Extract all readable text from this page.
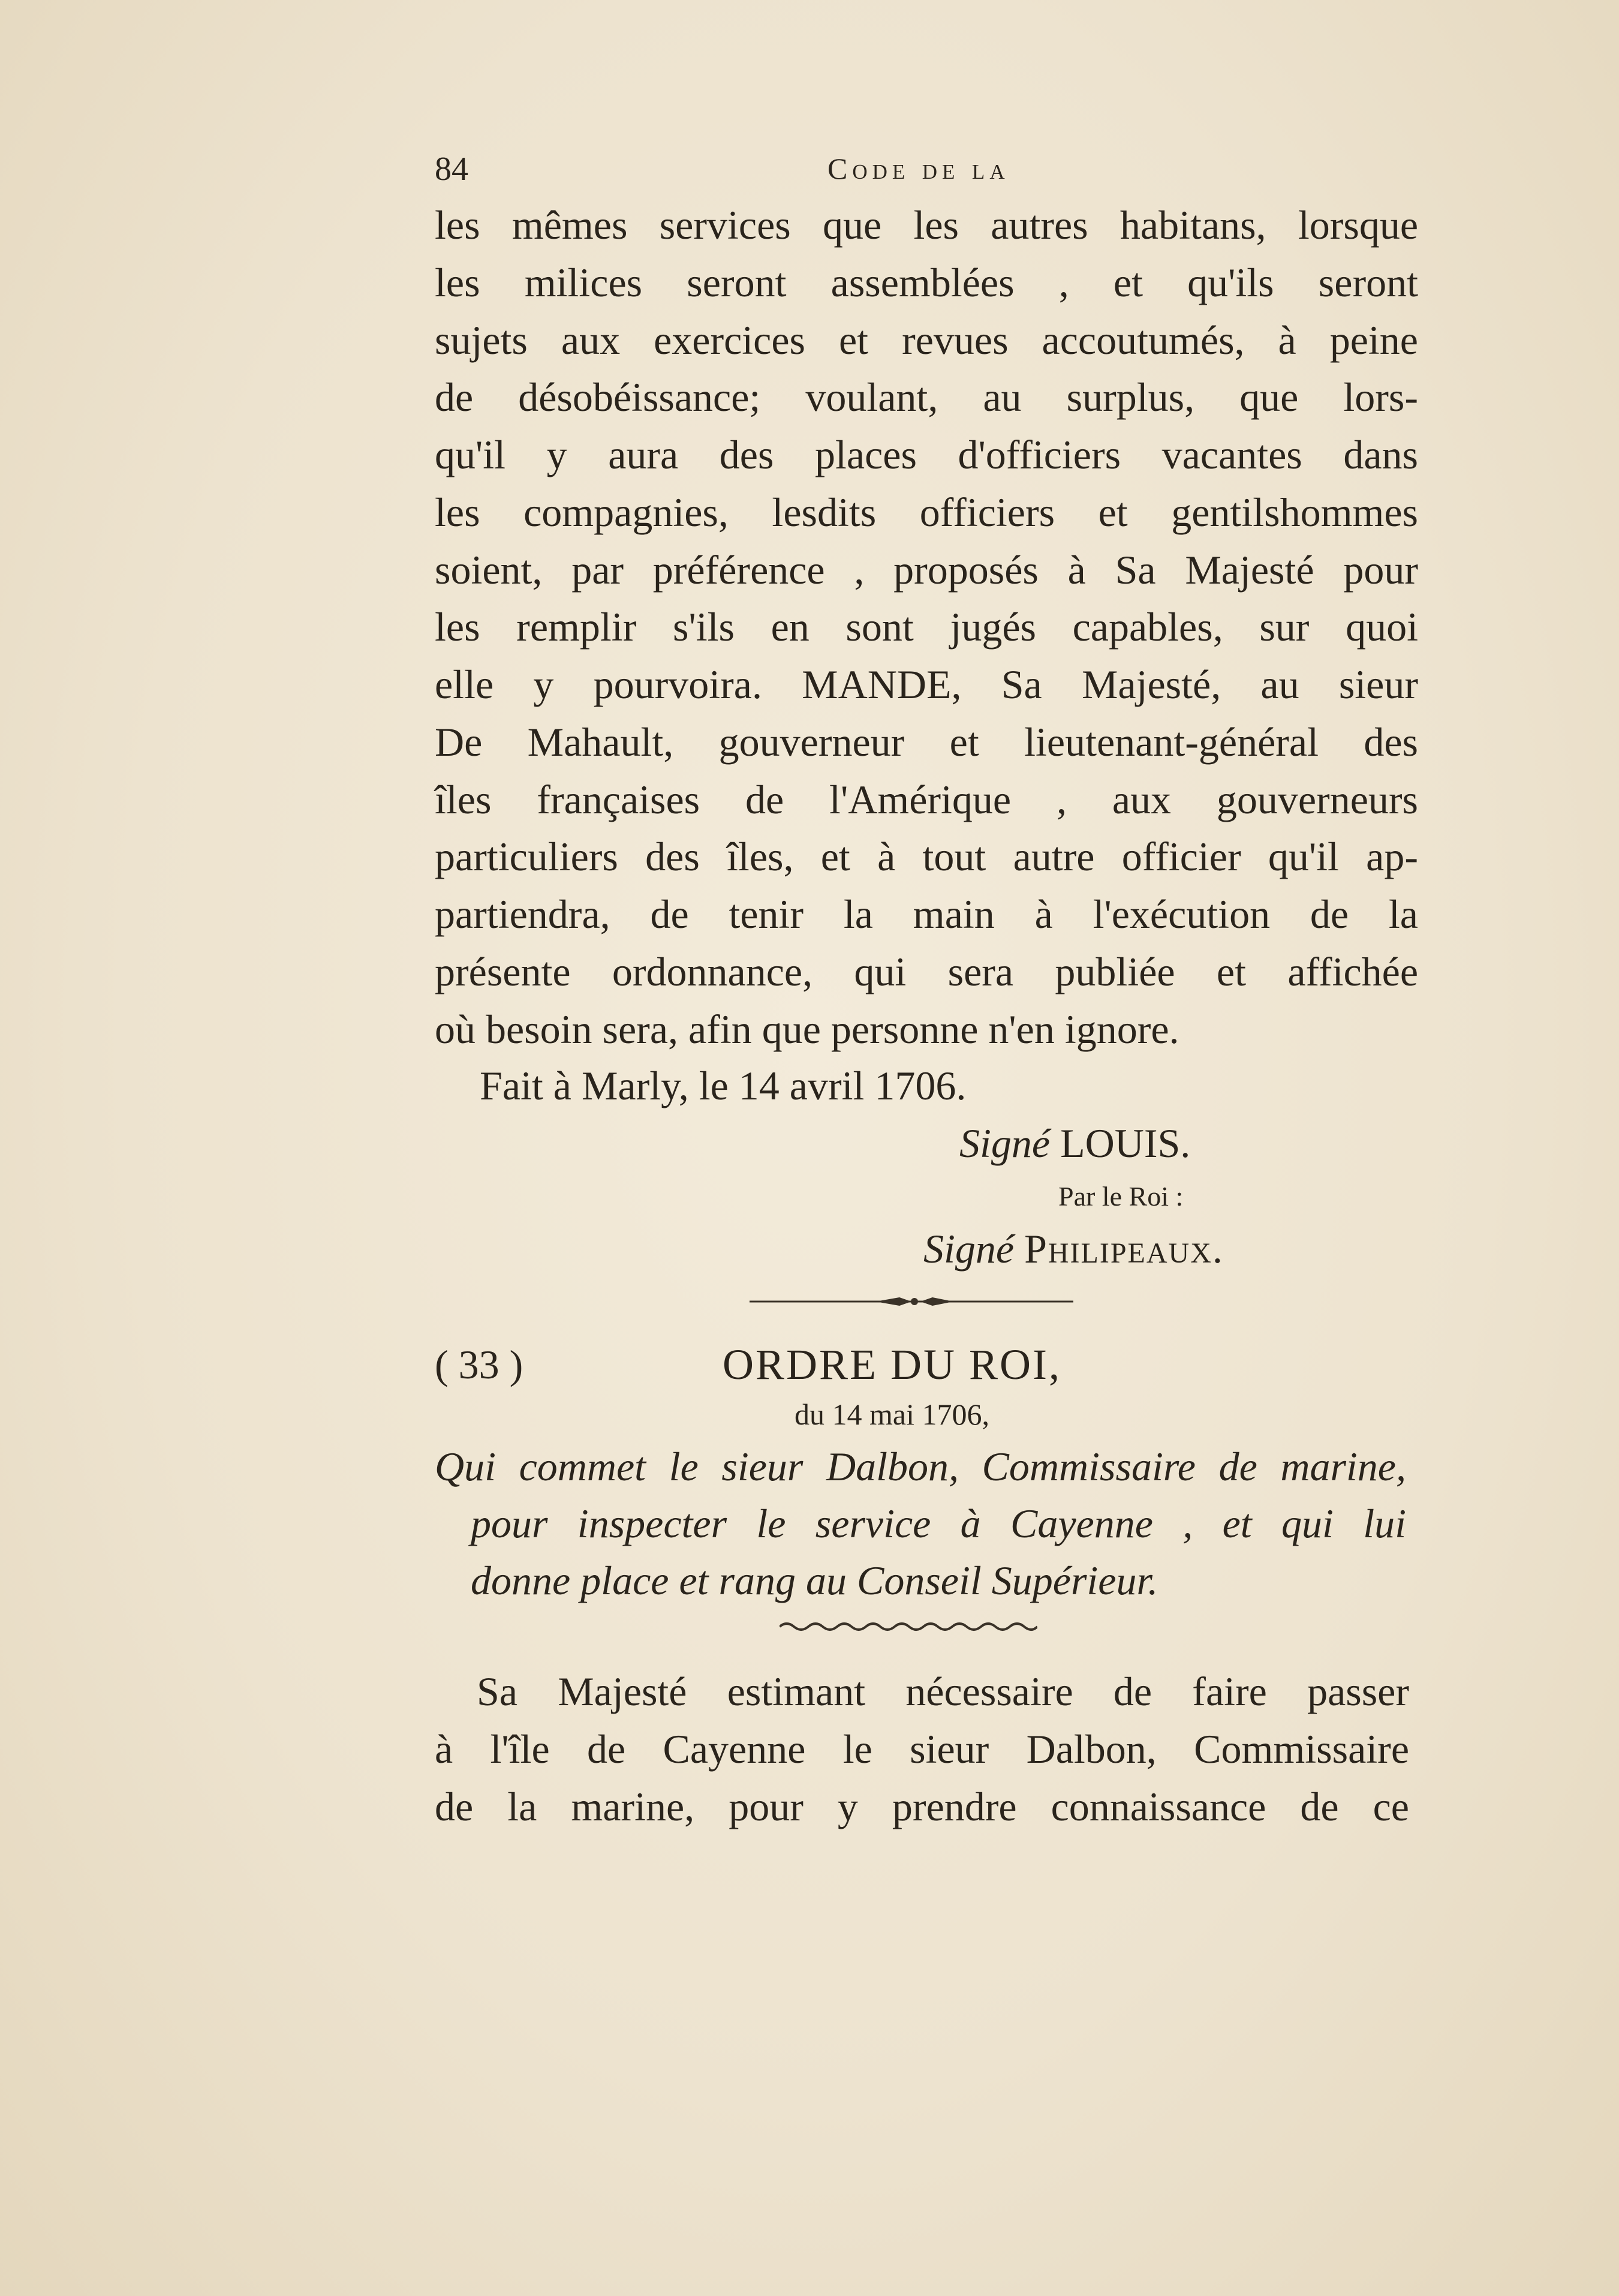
84	Code de la
les mêmes services que les autres habitans, lorsque
les milices seront assemblées , et qu'ils seront
sujets aux exercices et revues accoutumés, à peine
de désobéissance; voulant, au surplus, que lors-
qu'il y aura des places d'officiers vacantes dans
les compagnies, lesdits officiers et gentilshommes
soient, par préférence , proposés à Sa Majesté pour
les remplir s'ils en sont jugés capables, sur quoi
elle y pourvoira. MANDE, Sa Majesté, au sieur
De Mahault, gouverneur et lieutenant-général des
îles françaises de l'Amérique , aux gouverneurs
particuliers des îles, et à tout autre officier qu'il ap-
partiendra, de tenir la main à l'exécution de la
présente ordonnance, qui sera publiée et affichée
où besoin sera, afin que personne n'en ignore.
Fait à Marly, le 14 avril 1706.
Signé LOUIS.
Par le Roi :
Signé Philipeaux.
( 33 )	ORDRE DU ROI,
du 14 mai 1706,
Qui commet le sieur Dalbon, Commissaire de marine,
pour inspecter le service à Cayenne , et qui lui
donne place et rang au Conseil Supérieur.
Sa Majesté estimant nécessaire de faire passer
à l'île de Cayenne le sieur Dalbon, Commissaire
de la marine, pour y prendre connaissance de ce
